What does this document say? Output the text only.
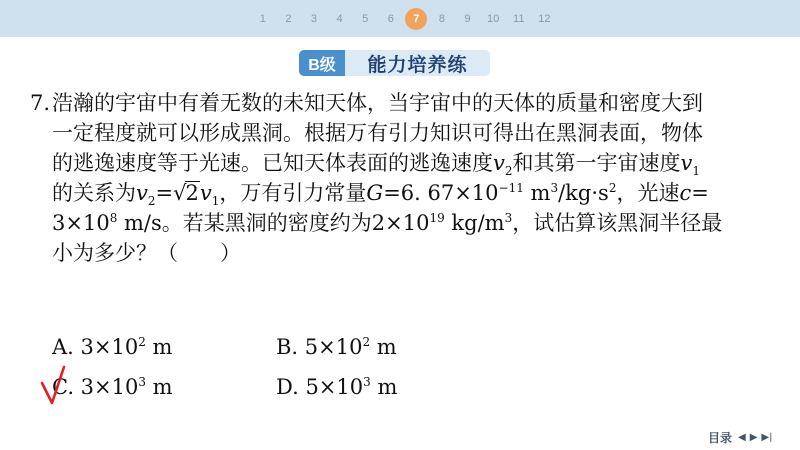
1	2	3	4	5	6	7	8	9	10	11	12
B级	能力培养练
7.浩瀚的宇宙中有着无数的未知天体，当宇宙中的天体的质量和密度大到
一定程度就可以形成黑洞。根据万有引力知识可得出在黑洞表面，物体
的逃逸速度等于光速。已知天体表面的逃逸速度$v_2$和其第一宇宙速度$v_1$
的关系为$v_2=√2v_1$，万有引力常量G=6. $67\times 10^{-11}$ $m^3/kg\cdot s^2$，光速c=
$3\times 10^8$ m/s。若某黑洞的密度约为$2\times 10^{19}$ $kg/m^3$，试估算该黑洞半径最
小为多少？（　　）
A. $3\times 10^2$ m	B. $5\times 10^2$ m
C. $3\times 10^3$ m	D. $5\times 10^3$ m
目录 ◀ ▶ ▶|
